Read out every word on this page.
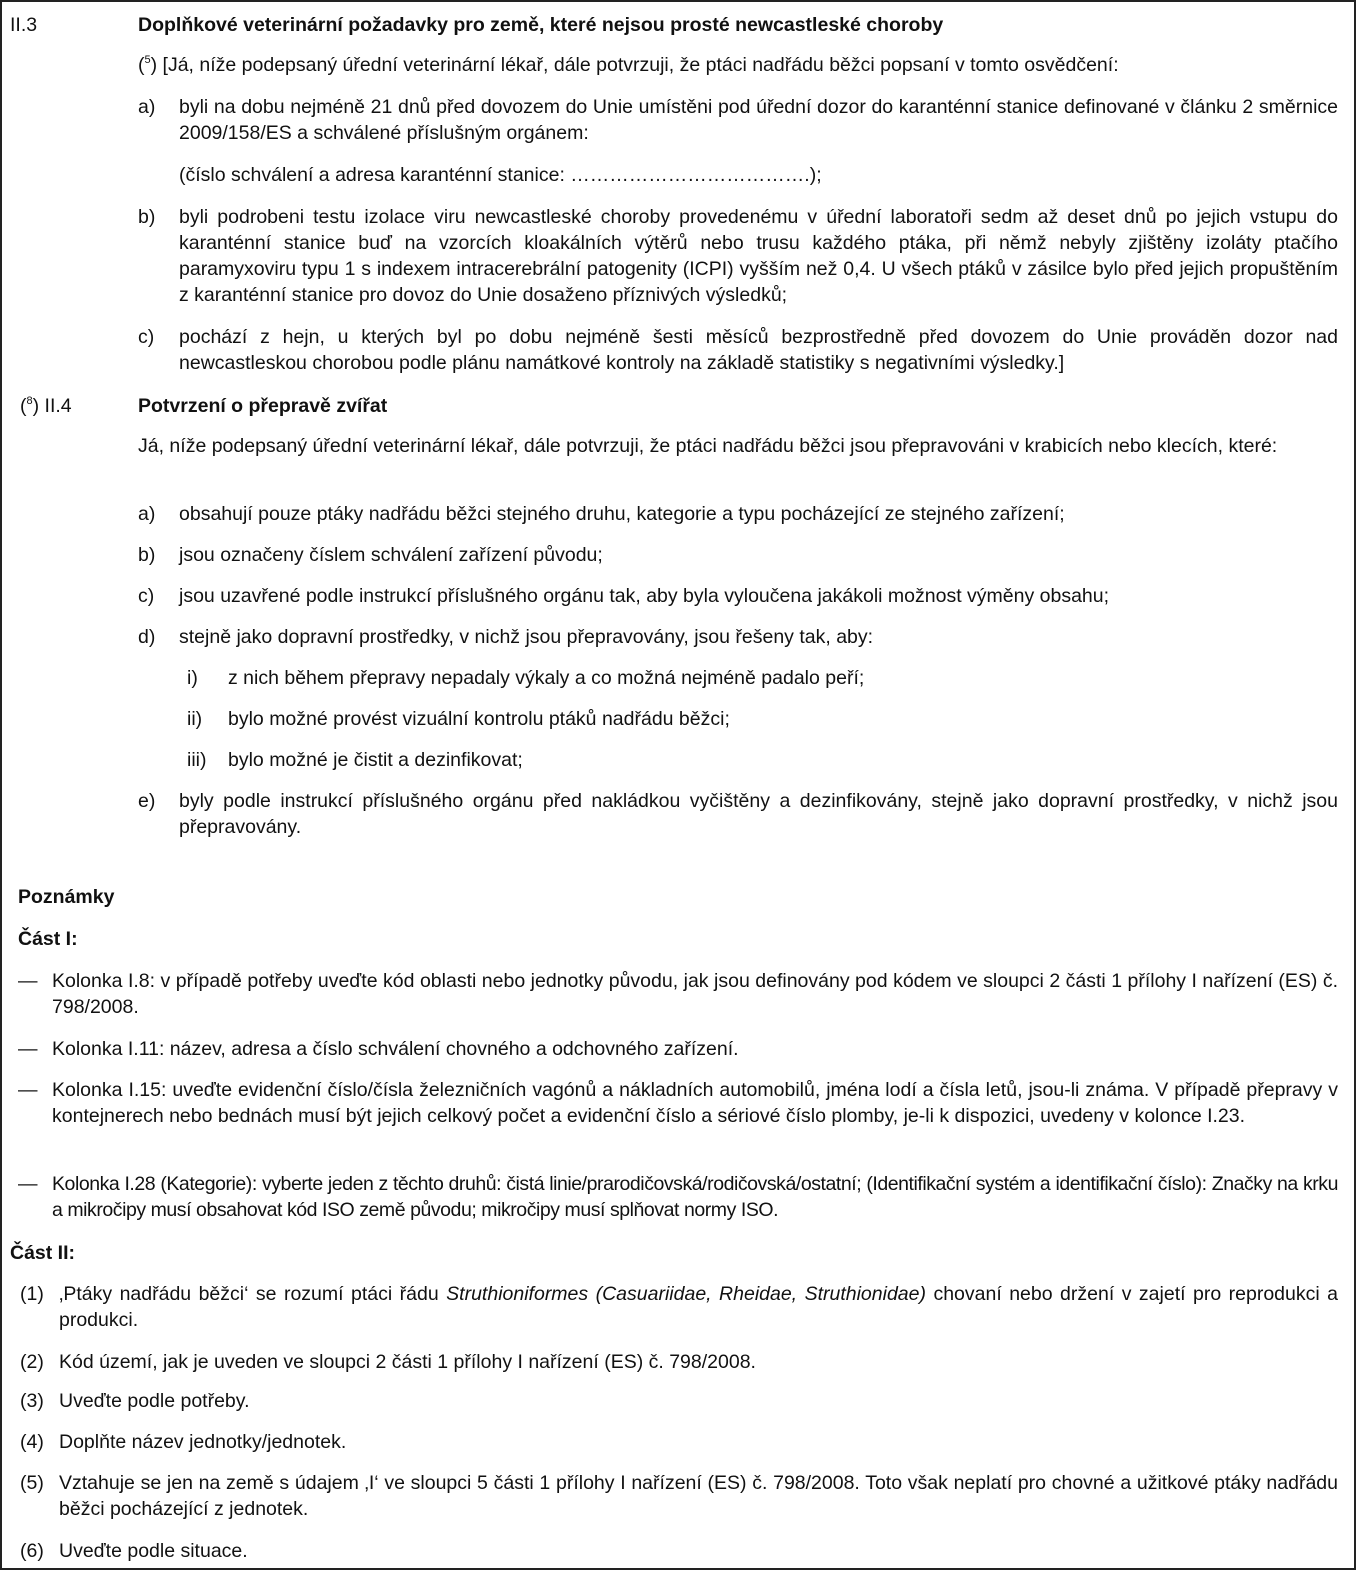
II.3	Doplňkové veterinární požadavky pro země, které nejsou prosté newcastleské choroby
($^5$) [Já, níže podepsaný úřední veterinární lékař, dále potvrzuji, že ptáci nadřádu běžci popsaní v tomto osvědčení:
a) byli na dobu nejméně 21 dnů před dovozem do Unie umístěni pod úřední dozor do karanténní stanice definované v článku 2 směrnice 2009/158/ES a schválené příslušným orgánem:
(číslo schválení a adresa karanténní stanice: ……………………………….);
b) byli podrobeni testu izolace viru newcastleské choroby provedenému v úřední laboratoři sedm až deset dnů po jejich vstupu do karanténní stanice buď na vzorcích kloakálních výtěrů nebo trusu každého ptáka, při němž nebyly zjištěny izoláty ptačího paramyxoviru typu 1 s indexem intracerebrální patogenity (ICPI) vyšším než 0,4. U všech ptáků v zásilce bylo před jejich propuštěním z karanténní stanice pro dovoz do Unie dosaženo příznivých výsledků;
c) pochází z hejn, u kterých byl po dobu nejméně šesti měsíců bezprostředně před dovozem do Unie prováděn dozor nad newcastleskou chorobou podle plánu namátkové kontroly na základě statistiky s negativními výsledky.]
($^8$) II.4	Potvrzení o přepravě zvířat
Já, níže podepsaný úřední veterinární lékař, dále potvrzuji, že ptáci nadřádu běžci jsou přepravováni v krabicích nebo klecích, které:
a) obsahují pouze ptáky nadřádu běžci stejného druhu, kategorie a typu pocházející ze stejného zařízení;
b) jsou označeny číslem schválení zařízení původu;
c) jsou uzavřené podle instrukcí příslušného orgánu tak, aby byla vyloučena jakákoli možnost výměny obsahu;
d) stejně jako dopravní prostředky, v nichž jsou přepravovány, jsou řešeny tak, aby:
i) z nich během přepravy nepadaly výkaly a co možná nejméně padalo peří;
ii) bylo možné provést vizuální kontrolu ptáků nadřádu běžci;
iii) bylo možné je čistit a dezinfikovat;
e) byly podle instrukcí příslušného orgánu před nakládkou vyčištěny a dezinfikovány, stejně jako dopravní prostředky, v nichž jsou přepravovány.
Poznámky
Část I:
— Kolonka I.8: v případě potřeby uveďte kód oblasti nebo jednotky původu, jak jsou definovány pod kódem ve sloupci 2 části 1 přílohy I nařízení (ES) č. 798/2008.
— Kolonka I.11: název, adresa a číslo schválení chovného a odchovného zařízení.
— Kolonka I.15: uveďte evidenční číslo/čísla železničních vagónů a nákladních automobilů, jména lodí a čísla letů, jsou-li známa. V případě přepravy v kontejnerech nebo bednách musí být jejich celkový počet a evidenční číslo a sériové číslo plomby, je-li k dispozici, uvedeny v kolonce I.23.
— Kolonka I.28 (Kategorie): vyberte jeden z těchto druhů: čistá linie/prarodičovská/rodičovská/ostatní; (Identifikační systém a identifikační číslo): Značky na krku a mikročipy musí obsahovat kód ISO země původu; mikročipy musí splňovat normy ISO.
Část II:
(1) ‚Ptáky nadřádu běžci‘ se rozumí ptáci řádu Struthioniformes (Casuariidae, Rheidae, Struthionidae) chovaní nebo držení v zajetí pro reprodukci a produkci.
(2) Kód území, jak je uveden ve sloupci 2 části 1 přílohy I nařízení (ES) č. 798/2008.
(3) Uveďte podle potřeby.
(4) Doplňte název jednotky/jednotek.
(5) Vztahuje se jen na země s údajem ‚I‘ ve sloupci 5 části 1 přílohy I nařízení (ES) č. 798/2008. Toto však neplatí pro chovné a užitkové ptáky nadřádu běžci pocházející z jednotek.
(6) Uveďte podle situace.
